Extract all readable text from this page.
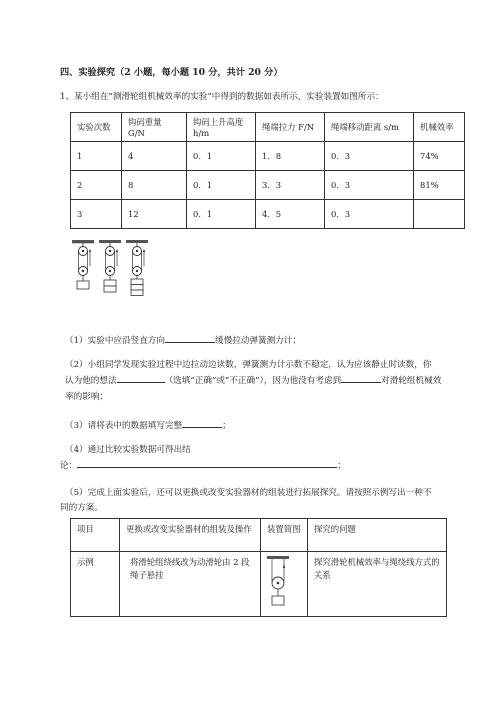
四、实验探究（2 小题，每小题 10 分，共计 20 分）
1、某小组在“测滑轮组机械效率的实验”中得到的数据如表所示，实验装置如图所示：
实验次数	钩码重量 G/N	钩码上升高度 h/m	绳端拉力 F/N	绳端移动距离 s/m	机械效率
1	4	0．1	1．8	0．3	74%
2	8	0．1	3．3	0．3	81%
3	12	0．1	4．5	0．3	
（1）实验中应沿竖直方向	缓慢拉动弹簧测力计；
（2）小组同学发现实验过程中边拉动边读数，弹簧测力计示数不稳定，认为应该静止时读数，你
认为他的想法	（选填“正确”或“不正确”），因为他没有考虑到	对滑轮组机械效
率的影响；
（3）请将表中的数据填写完整	；
（4）通过比较实验数据可得出结
论：	；
（5）完成上面实验后，还可以更换或改变实验器材的组装进行拓展探究。请按照示例写出一种不
同的方案。
项目	更换或改变实验器材的组装及操作	装置简图	探究的问题
示例	将滑轮组绕线改为动滑轮由 2 段绳子悬挂		探究滑轮机械效率与绳绕线方式的关系
